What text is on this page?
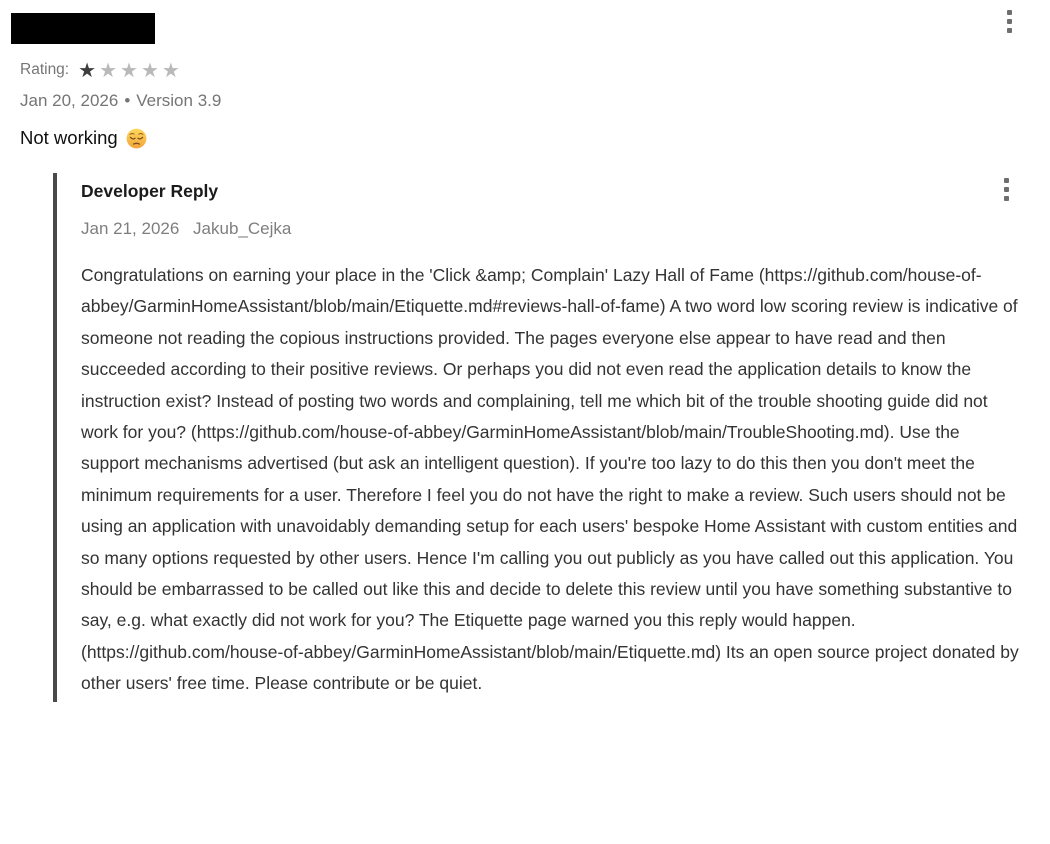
Rating: ★★★★★
Jan 20, 2026 • Version 3.9
Not working
Developer Reply
Jan 21, 2026 Jakub_Cejka

Congratulations on earning your place in the 'Click &amp; Complain' Lazy Hall of Fame (https://github.com/house-of-abbey/GarminHomeAssistant/blob/main/Etiquette.md#reviews-hall-of-fame) A two word low scoring review is indicative of someone not reading the copious instructions provided. The pages everyone else appear to have read and then succeeded according to their positive reviews. Or perhaps you did not even read the application details to know the instruction exist? Instead of posting two words and complaining, tell me which bit of the trouble shooting guide did not work for you? (https://github.com/house-of-abbey/GarminHomeAssistant/blob/main/TroubleShooting.md). Use the support mechanisms advertised (but ask an intelligent question). If you're too lazy to do this then you don't meet the minimum requirements for a user. Therefore I feel you do not have the right to make a review. Such users should not be using an application with unavoidably demanding setup for each users' bespoke Home Assistant with custom entities and so many options requested by other users. Hence I'm calling you out publicly as you have called out this application. You should be embarrassed to be called out like this and decide to delete this review until you have something substantive to say, e.g. what exactly did not work for you? The Etiquette page warned you this reply would happen. (https://github.com/house-of-abbey/GarminHomeAssistant/blob/main/Etiquette.md) Its an open source project donated by other users' free time. Please contribute or be quiet.
